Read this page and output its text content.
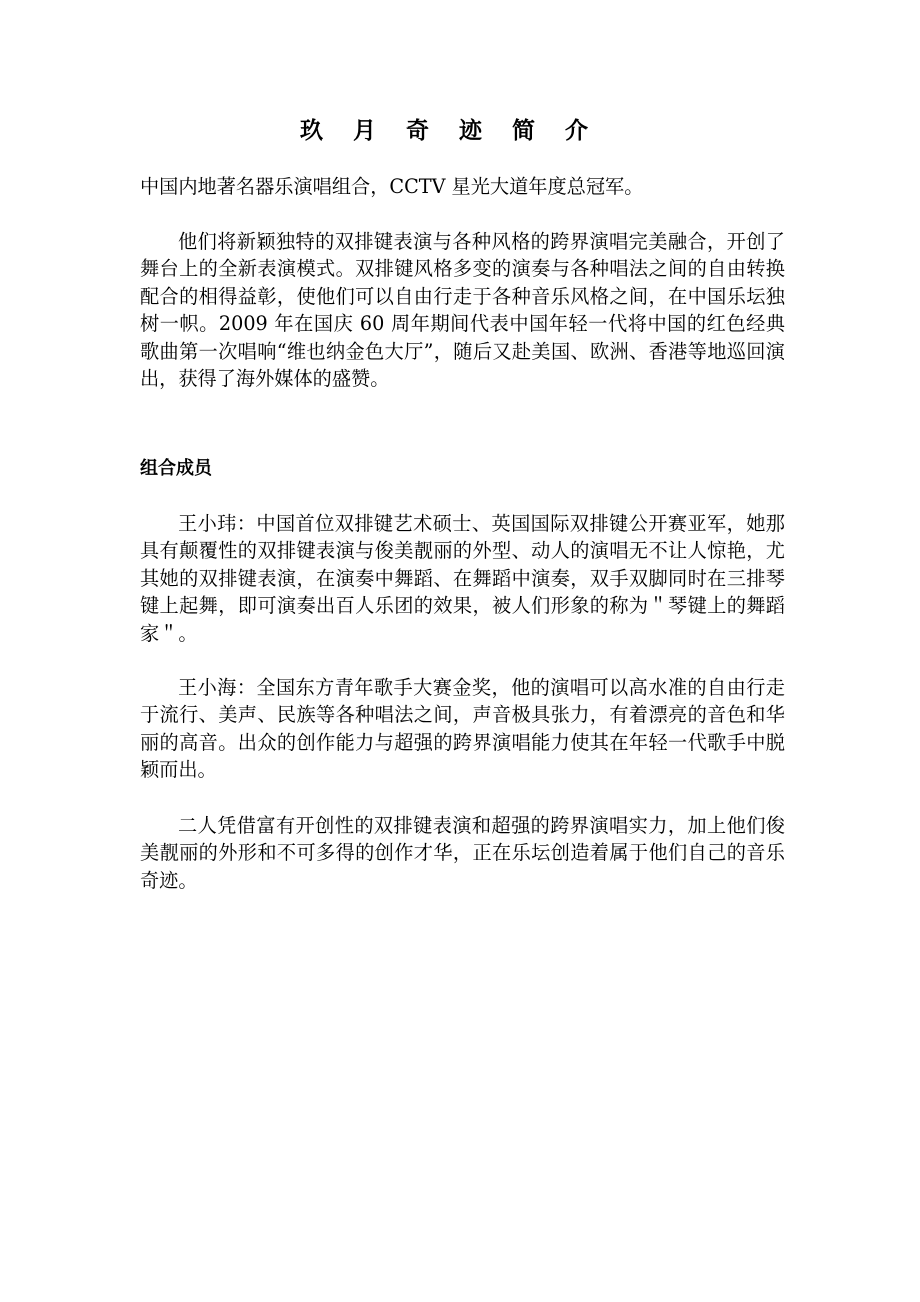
玖 月 奇 迹 简 介

中国内地著名器乐演唱组合，CCTV 星光大道年度总冠军。

他们将新颖独特的双排键表演与各种风格的跨界演唱完美融合，开创了舞台上的全新表演模式。双排键风格多变的演奏与各种唱法之间的自由转换配合的相得益彰，使他们可以自由行走于各种音乐风格之间，在中国乐坛独树一帜。2009 年在国庆 60 周年期间代表中国年轻一代将中国的红色经典歌曲第一次唱响“维也纳金色大厅”，随后又赴美国、欧洲、香港等地巡回演出，获得了海外媒体的盛赞。

组合成员

王小玮：中国首位双排键艺术硕士、英国国际双排键公开赛亚军，她那具有颠覆性的双排键表演与俊美靓丽的外型、动人的演唱无不让人惊艳，尤其她的双排键表演，在演奏中舞蹈、在舞蹈中演奏，双手双脚同时在三排琴键上起舞，即可演奏出百人乐团的效果，被人们形象的称为＂琴键上的舞蹈家＂。

王小海：全国东方青年歌手大赛金奖，他的演唱可以高水准的自由行走于流行、美声、民族等各种唱法之间，声音极具张力，有着漂亮的音色和华丽的高音。出众的创作能力与超强的跨界演唱能力使其在年轻一代歌手中脱颖而出。

二人凭借富有开创性的双排键表演和超强的跨界演唱实力，加上他们俊美靓丽的外形和不可多得的创作才华，正在乐坛创造着属于他们自己的音乐奇迹。
